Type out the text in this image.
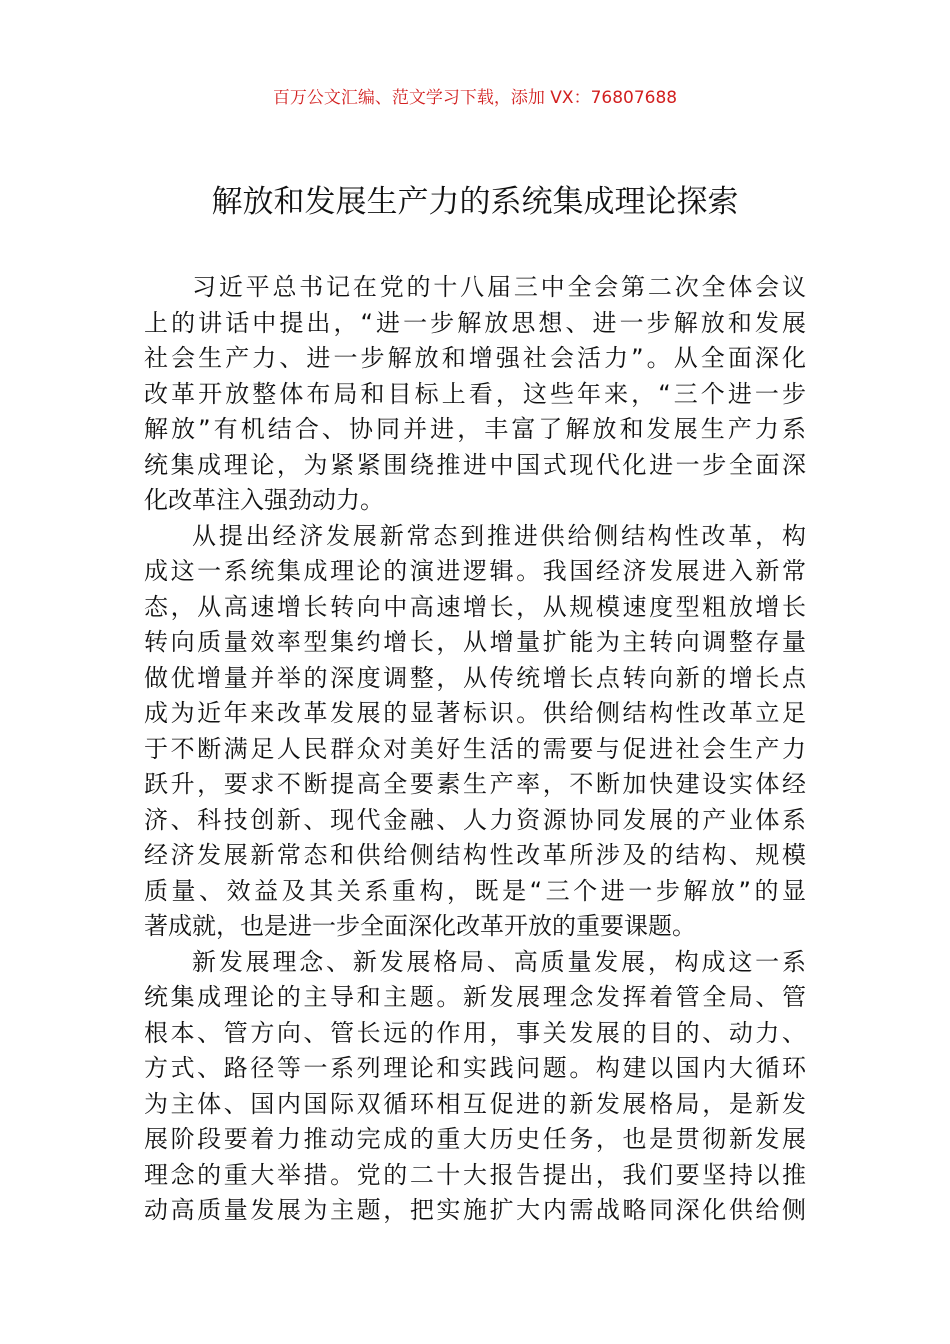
百万公文汇编、范文学习下载，添加 VX：76807688
解放和发展生产力的系统集成理论探索
习近平总书记在党的十八届三中全会第二次全体会议
上的讲话中提出，“进一步解放思想、进一步解放和发展
社会生产力、进一步解放和增强社会活力”。从全面深化
改革开放整体布局和目标上看，这些年来，“三个进一步
解放”有机结合、协同并进，丰富了解放和发展生产力系
统集成理论，为紧紧围绕推进中国式现代化进一步全面深
化改革注入强劲动力。
从提出经济发展新常态到推进供给侧结构性改革，构
成这一系统集成理论的演进逻辑。我国经济发展进入新常
态，从高速增长转向中高速增长，从规模速度型粗放增长
转向质量效率型集约增长，从增量扩能为主转向调整存量
做优增量并举的深度调整，从传统增长点转向新的增长点
成为近年来改革发展的显著标识。供给侧结构性改革立足
于不断满足人民群众对美好生活的需要与促进社会生产力
跃升，要求不断提高全要素生产率，不断加快建设实体经
济、科技创新、现代金融、人力资源协同发展的产业体系
经济发展新常态和供给侧结构性改革所涉及的结构、规模
质量、效益及其关系重构，既是“三个进一步解放”的显
著成就，也是进一步全面深化改革开放的重要课题。
新发展理念、新发展格局、高质量发展，构成这一系
统集成理论的主导和主题。新发展理念发挥着管全局、管
根本、管方向、管长远的作用，事关发展的目的、动力、
方式、路径等一系列理论和实践问题。构建以国内大循环
为主体、国内国际双循环相互促进的新发展格局，是新发
展阶段要着力推动完成的重大历史任务，也是贯彻新发展
理念的重大举措。党的二十大报告提出，我们要坚持以推
动高质量发展为主题，把实施扩大内需战略同深化供给侧
